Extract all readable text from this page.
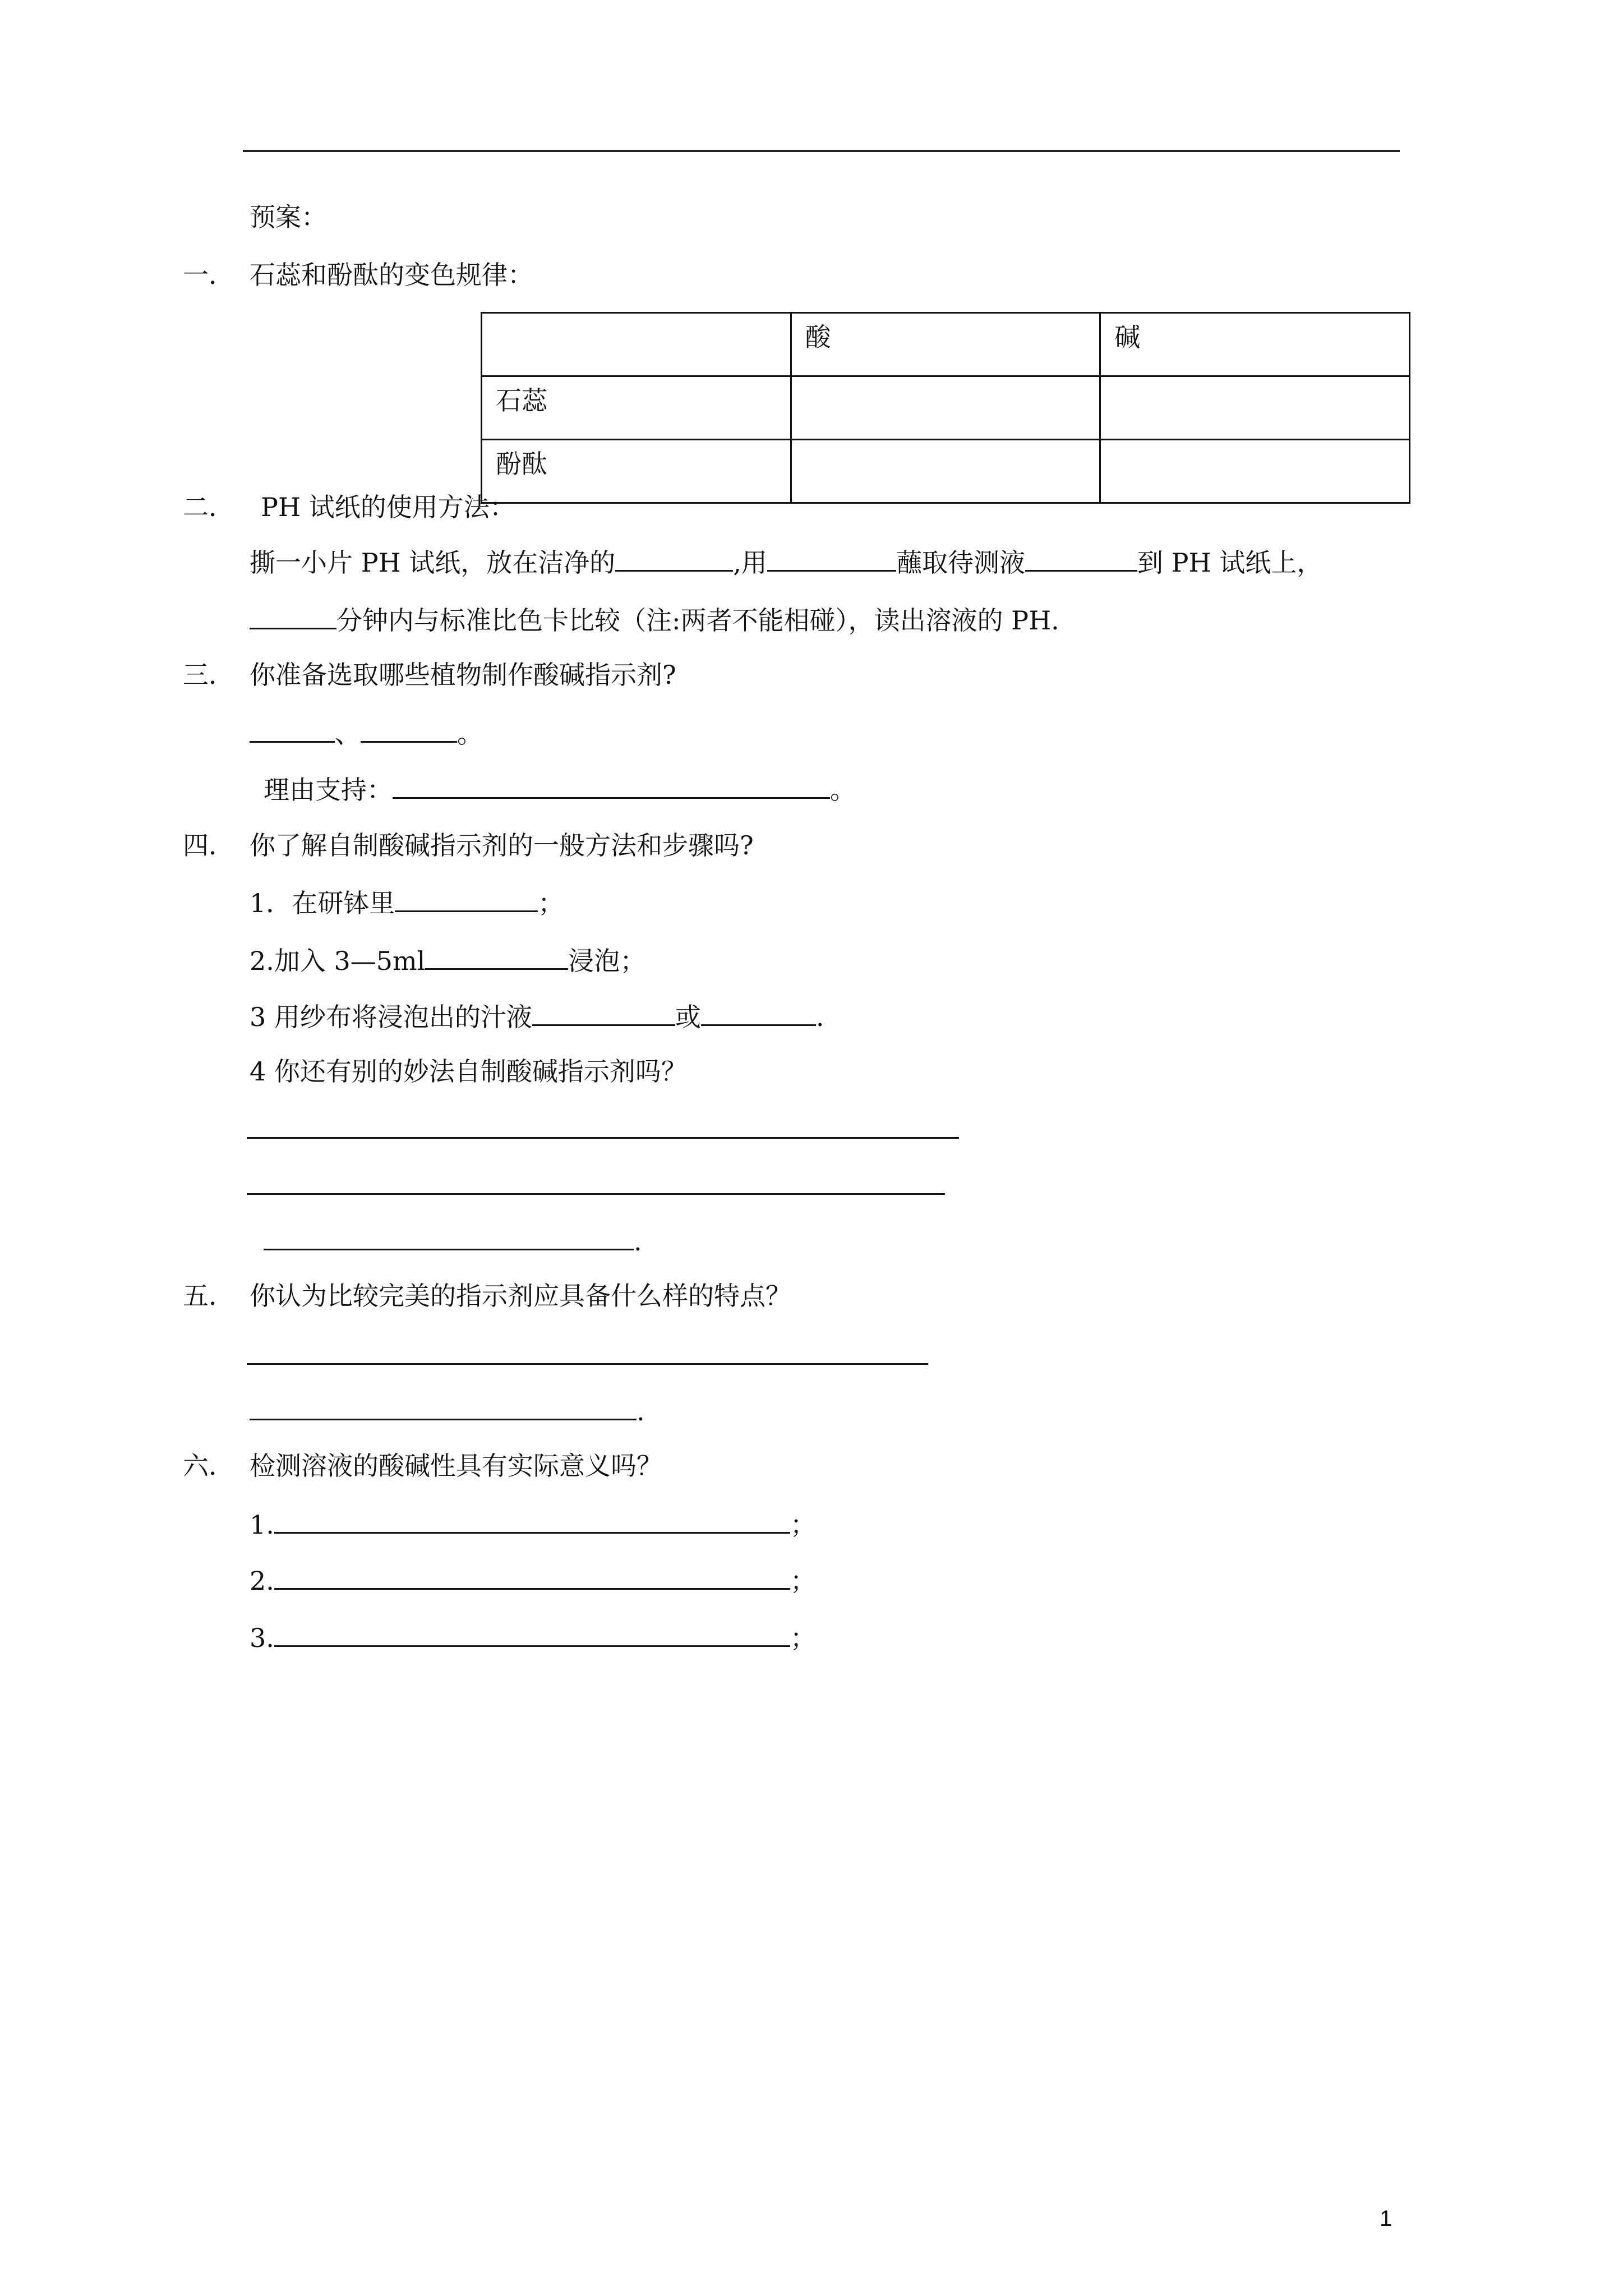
预案：
一． 石蕊和酚酞的变色规律：
	酸	碱
石蕊		
酚酞		
二． PH 试纸的使用方法：
撕一小片 PH 试纸，放在洁净的	,用	蘸取待测液	到 PH 试纸上，
分钟内与标准比色卡比较（注:两者不能相碰），读出溶液的 PH.
三． 你准备选取哪些植物制作酸碱指示剂?
、	。
理由支持：	。
四． 你了解自制酸碱指示剂的一般方法和步骤吗?
1．在研钵里	；
2.加入 3—5ml	浸泡；
3 用纱布将浸泡出的汁液	或	.
4 你还有别的妙法自制酸碱指示剂吗？
.
五． 你认为比较完美的指示剂应具备什么样的特点？
.
六． 检测溶液的酸碱性具有实际意义吗？
1.	；
2.	；
3.	；
1
